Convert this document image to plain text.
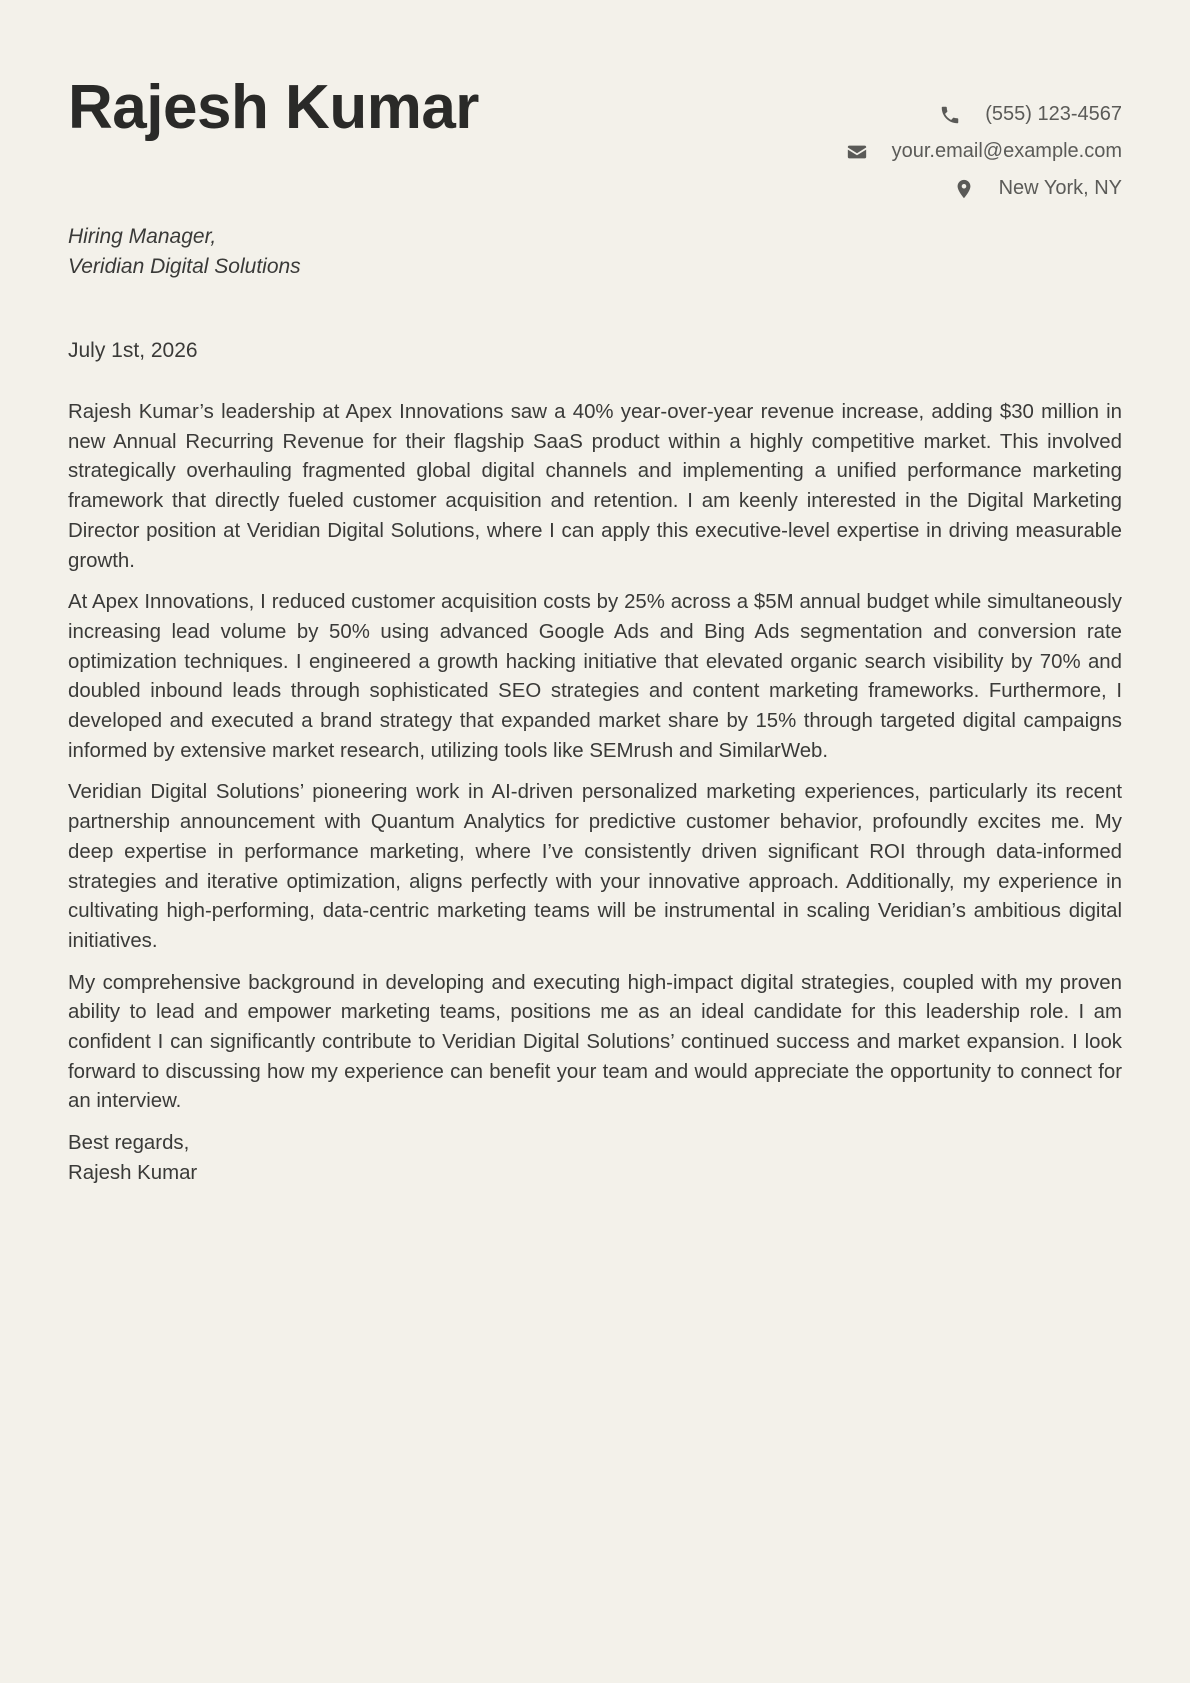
Rajesh Kumar	(555) 123-4567
your.email@example.com
New York, NY
Hiring Manager,
Veridian Digital Solutions
July 1st, 2026

Rajesh Kumar’s leadership at Apex Innovations saw a 40% year-over-year revenue increase, adding $30 million in new Annual Recurring Revenue for their flagship SaaS product within a highly competitive market. This involved strategically overhauling fragmented global digital channels and implementing a unified performance marketing framework that directly fueled customer acquisition and retention. I am keenly interested in the Digital Marketing Director position at Veridian Digital Solutions, where I can apply this executive-level expertise in driving measurable growth.

At Apex Innovations, I reduced customer acquisition costs by 25% across a $5M annual budget while simultaneously increasing lead volume by 50% using advanced Google Ads and Bing Ads segmentation and conversion rate optimization techniques. I engineered a growth hacking initiative that elevated organic search visibility by 70% and doubled inbound leads through sophisticated SEO strategies and content marketing frameworks. Furthermore, I developed and executed a brand strategy that expanded market share by 15% through targeted digital campaigns informed by extensive market research, utilizing tools like SEMrush and SimilarWeb.

Veridian Digital Solutions’ pioneering work in AI-driven personalized marketing experiences, particularly its recent partnership announcement with Quantum Analytics for predictive customer behavior, profoundly excites me. My deep expertise in performance marketing, where I’ve consistently driven significant ROI through data-informed strategies and iterative optimization, aligns perfectly with your innovative approach. Additionally, my experience in cultivating high-performing, data-centric marketing teams will be instrumental in scaling Veridian’s ambitious digital initiatives.

My comprehensive background in developing and executing high-impact digital strategies, coupled with my proven ability to lead and empower marketing teams, positions me as an ideal candidate for this leadership role. I am confident I can significantly contribute to Veridian Digital Solutions’ continued success and market expansion. I look forward to discussing how my experience can benefit your team and would appreciate the opportunity to connect for an interview.

Best regards,
Rajesh Kumar
